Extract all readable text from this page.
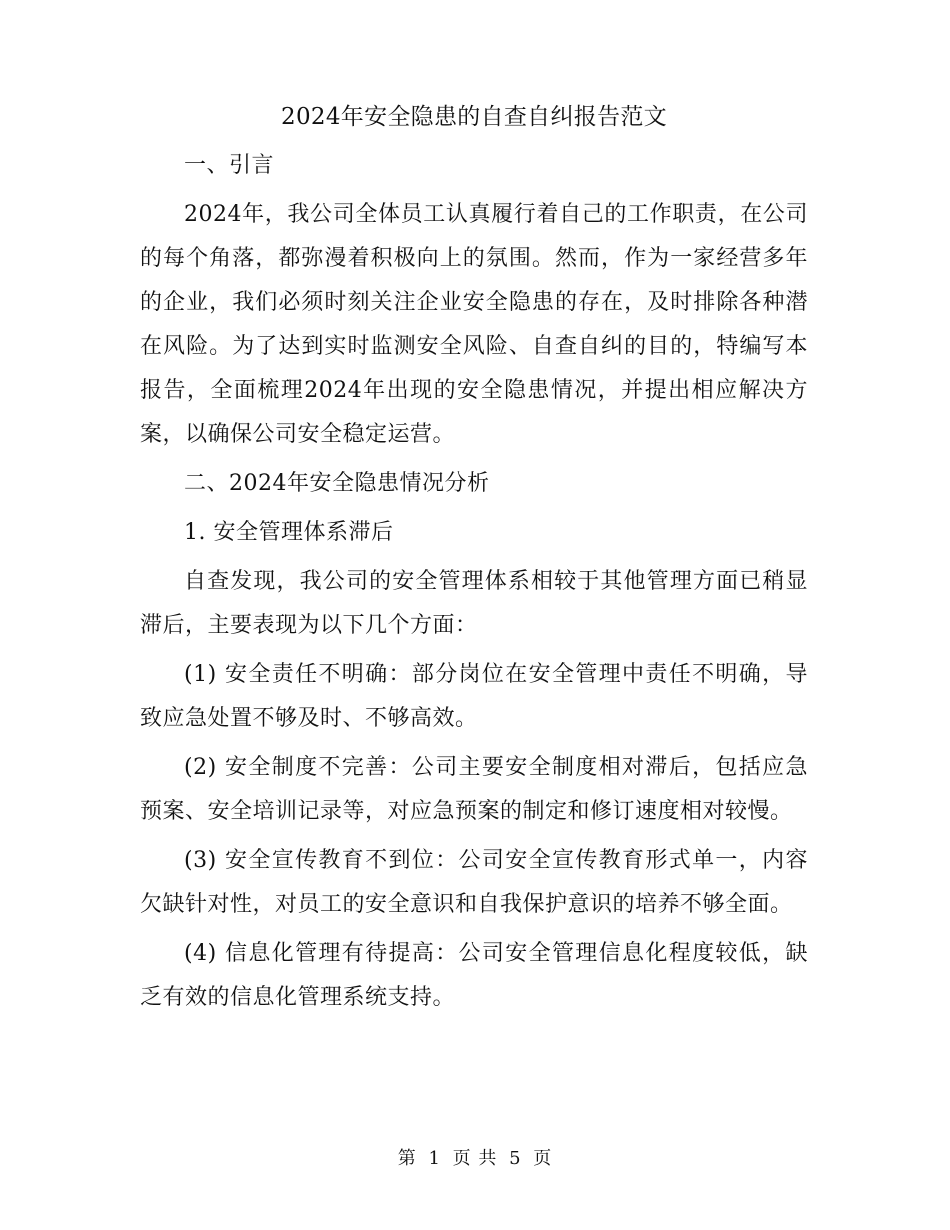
2024年安全隐患的自查自纠报告范文
一、引言
2024年，我公司全体员工认真履行着自己的工作职责，在公司的每个角落，都弥漫着积极向上的氛围。然而，作为一家经营多年的企业，我们必须时刻关注企业安全隐患的存在，及时排除各种潜在风险。为了达到实时监测安全风险、自查自纠的目的，特编写本报告，全面梳理2024年出现的安全隐患情况，并提出相应解决方案，以确保公司安全稳定运营。
二、2024年安全隐患情况分析
1. 安全管理体系滞后
自查发现，我公司的安全管理体系相较于其他管理方面已稍显滞后，主要表现为以下几个方面：
(1) 安全责任不明确：部分岗位在安全管理中责任不明确，导致应急处置不够及时、不够高效。
(2) 安全制度不完善：公司主要安全制度相对滞后，包括应急预案、安全培训记录等，对应急预案的制定和修订速度相对较慢。
(3) 安全宣传教育不到位：公司安全宣传教育形式单一，内容欠缺针对性，对员工的安全意识和自我保护意识的培养不够全面。
(4) 信息化管理有待提高：公司安全管理信息化程度较低，缺乏有效的信息化管理系统支持。
第 1 页 共 5 页
